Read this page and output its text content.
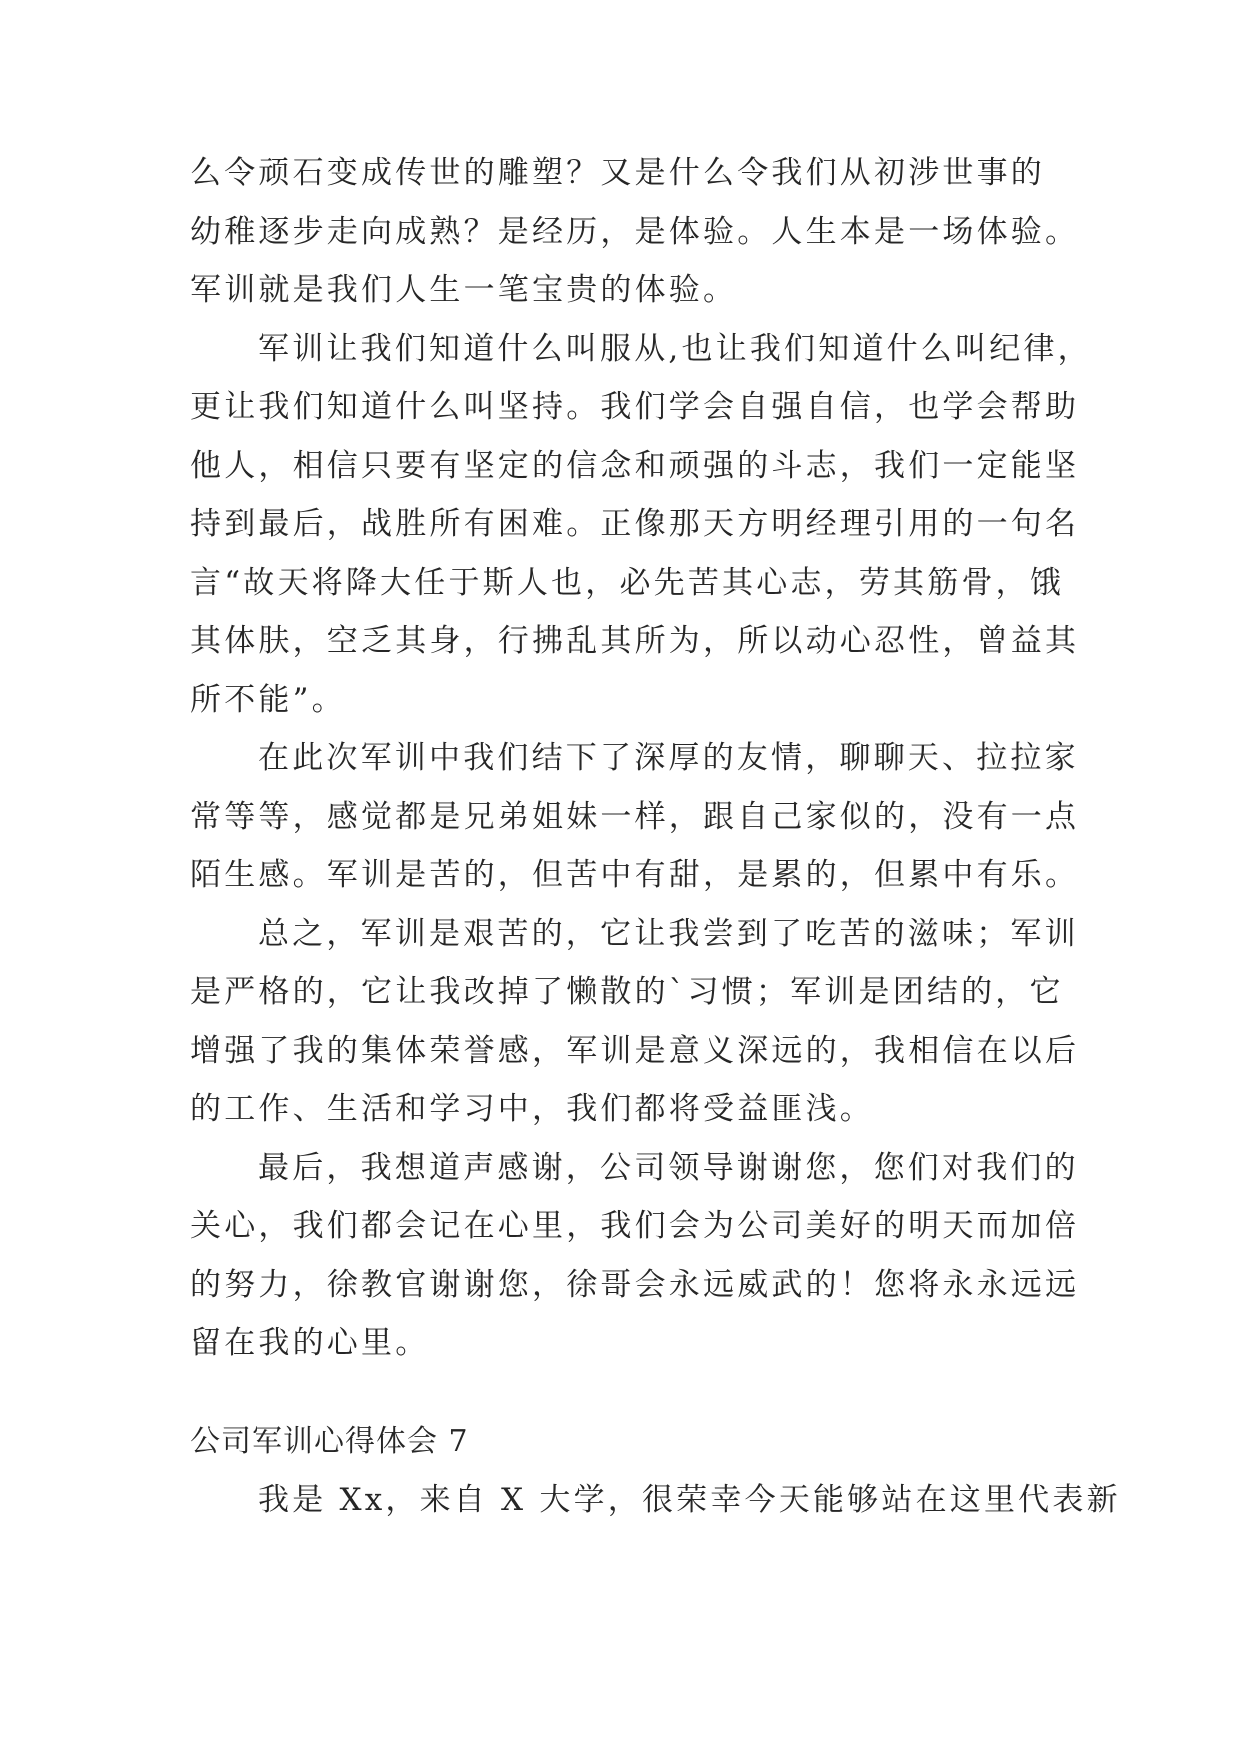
么令顽石变成传世的雕塑？又是什么令我们从初涉世事的
幼稚逐步走向成熟？是经历，是体验。人生本是一场体验。
军训就是我们人生一笔宝贵的体验。
军训让我们知道什么叫服从,也让我们知道什么叫纪律，
更让我们知道什么叫坚持。我们学会自强自信，也学会帮助
他人，相信只要有坚定的信念和顽强的斗志，我们一定能坚
持到最后，战胜所有困难。正像那天方明经理引用的一句名
言“故天将降大任于斯人也，必先苦其心志，劳其筋骨，饿
其体肤，空乏其身，行拂乱其所为，所以动心忍性，曾益其
所不能”。
在此次军训中我们结下了深厚的友情，聊聊天、拉拉家
常等等，感觉都是兄弟姐妹一样，跟自己家似的，没有一点
陌生感。军训是苦的，但苦中有甜，是累的，但累中有乐。
总之，军训是艰苦的，它让我尝到了吃苦的滋味；军训
是严格的，它让我改掉了懒散的`习惯；军训是团结的，它
增强了我的集体荣誉感，军训是意义深远的，我相信在以后
的工作、生活和学习中，我们都将受益匪浅。
最后，我想道声感谢，公司领导谢谢您，您们对我们的
关心，我们都会记在心里，我们会为公司美好的明天而加倍
的努力，徐教官谢谢您，徐哥会永远威武的！您将永永远远
留在我的心里。
公司军训心得体会 7
我是 Xx，来自 X 大学，很荣幸今天能够站在这里代表新
